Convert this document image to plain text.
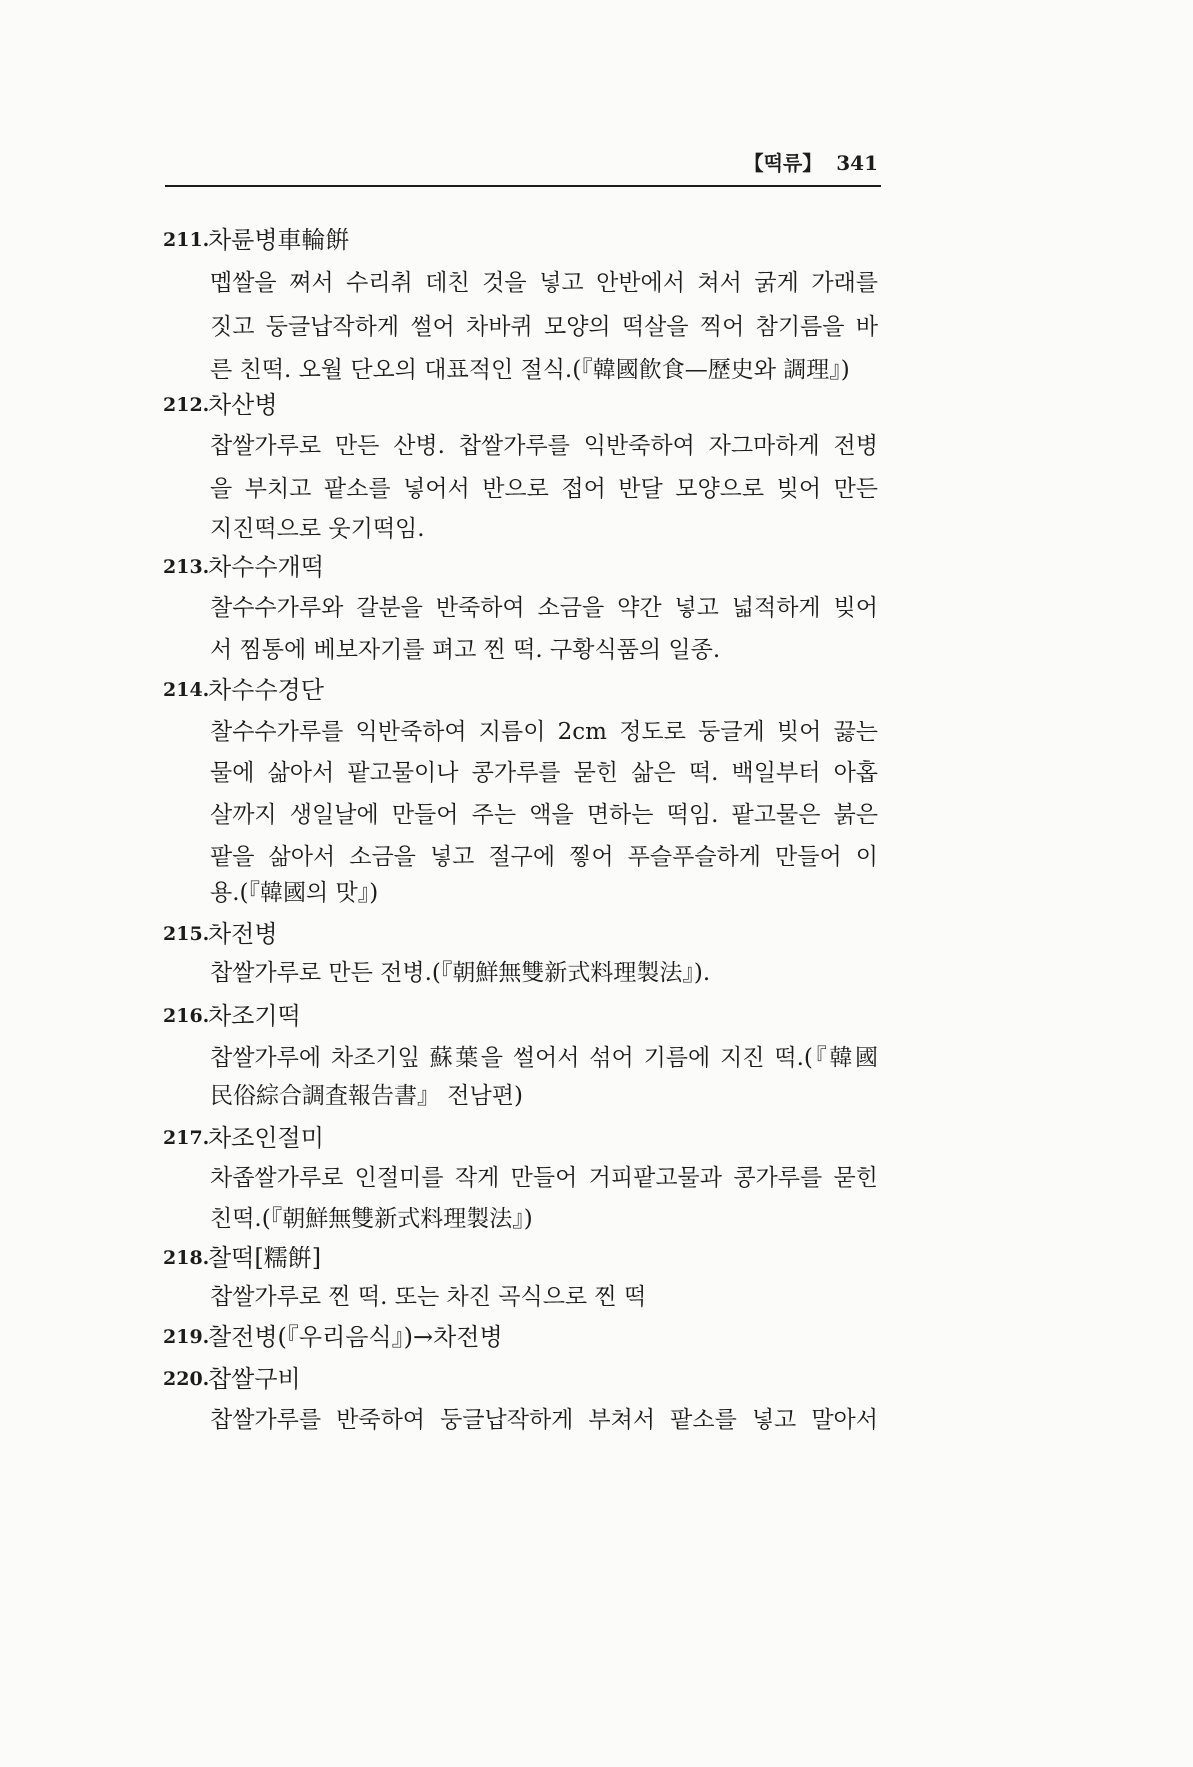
【떡류】 341
211.
차륜병車輪餠
멥쌀을 쪄서 수리취 데친 것을 넣고 안반에서 쳐서 굵게 가래를
짓고 둥글납작하게 썰어 차바퀴 모양의 떡살을 찍어 참기름을 바
른 친떡. 오월 단오의 대표적인 절식.(『韓國飮食—歷史와 調理』)
212.
차산병
찹쌀가루로 만든 산병. 찹쌀가루를 익반죽하여 자그마하게 전병
을 부치고 팥소를 넣어서 반으로 접어 반달 모양으로 빚어 만든
지진떡으로 웃기떡임.
213.
차수수개떡
찰수수가루와 갈분을 반죽하여 소금을 약간 넣고 넓적하게 빚어
서 찜통에 베보자기를 펴고 찐 떡. 구황식품의 일종.
214.
차수수경단
찰수수가루를 익반죽하여 지름이 2cm 정도로 둥글게 빚어 끓는
물에 삶아서 팥고물이나 콩가루를 묻힌 삶은 떡. 백일부터 아홉
살까지 생일날에 만들어 주는 액을 면하는 떡임. 팥고물은 붉은
팥을 삶아서 소금을 넣고 절구에 찧어 푸슬푸슬하게 만들어 이
용.(『韓國의 맛』)
215.
차전병
찹쌀가루로 만든 전병.(『朝鮮無雙新式料理製法』).
216.
차조기떡
찹쌀가루에 차조기잎 蘇葉을 썰어서 섞어 기름에 지진 떡.(『韓國
民俗綜合調査報告書』 전남편)
217.
차조인절미
차좁쌀가루로 인절미를 작게 만들어 거피팥고물과 콩가루를 묻힌
친떡.(『朝鮮無雙新式料理製法』)
218.
찰떡[糯餠]
찹쌀가루로 찐 떡. 또는 차진 곡식으로 찐 떡
219.
찰전병(『우리음식』)→차전병
220.
찹쌀구비
찹쌀가루를 반죽하여 둥글납작하게 부쳐서 팥소를 넣고 말아서
